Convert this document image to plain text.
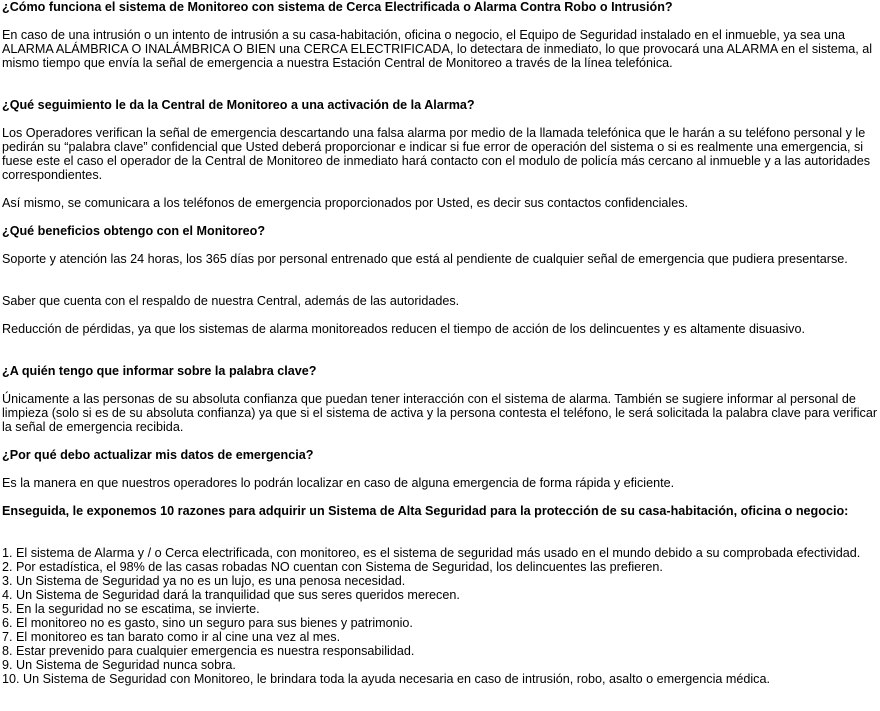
¿Cómo funciona el sistema de Monitoreo con sistema de Cerca Electrificada o Alarma Contra Robo o Intrusión?

En caso de una intrusión o un intento de intrusión a su casa-habitación, oficina o negocio, el Equipo de Seguridad instalado en el inmueble, ya sea una ALARMA ALÁMBRICA O INALÁMBRICA O BIEN una CERCA ELECTRIFICADA, lo detectara de inmediato, lo que provocará una ALARMA en el sistema, al mismo tiempo que envía la señal de emergencia a nuestra Estación Central de Monitoreo a través de la línea telefónica.

¿Qué seguimiento le da la Central de Monitoreo a una activación de la Alarma?

Los Operadores verifican la señal de emergencia descartando una falsa alarma por medio de la llamada telefónica que le harán a su teléfono personal y le pedirán su “palabra clave” confidencial que Usted deberá proporcionar e indicar si fue error de operación del sistema o si es realmente una emergencia, si fuese este el caso el operador de la Central de Monitoreo de inmediato hará contacto con el modulo de policía más cercano al inmueble y a las autoridades correspondientes.

Así mismo, se comunicara a los teléfonos de emergencia proporcionados por Usted, es decir sus contactos confidenciales.

¿Qué beneficios obtengo con el Monitoreo?

Soporte y atención las 24 horas, los 365 días por personal entrenado que está al pendiente de cualquier señal de emergencia que pudiera presentarse.

Saber que cuenta con el respaldo de nuestra Central, además de las autoridades.

Reducción de pérdidas, ya que los sistemas de alarma monitoreados reducen el tiempo de acción de los delincuentes y es altamente disuasivo.

¿A quién tengo que informar sobre la palabra clave?

Únicamente a las personas de su absoluta confianza que puedan tener interacción con el sistema de alarma. También se sugiere informar al personal de limpieza (solo si es de su absoluta confianza) ya que si el sistema de activa y la persona contesta el teléfono, le será solicitada la palabra clave para verificar la señal de emergencia recibida.

¿Por qué debo actualizar mis datos de emergencia?

Es la manera en que nuestros operadores lo podrán localizar en caso de alguna emergencia de forma rápida y eficiente.

Enseguida, le exponemos 10 razones para adquirir un Sistema de Alta Seguridad para la protección de su casa-habitación, oficina o negocio:
1. El sistema de Alarma y / o Cerca electrificada, con monitoreo, es el sistema de seguridad más usado en el mundo debido a su comprobada efectividad.
2. Por estadística, el 98% de las casas robadas NO cuentan con Sistema de Seguridad, los delincuentes las prefieren.
3. Un Sistema de Seguridad ya no es un lujo, es una penosa necesidad.
4. Un Sistema de Seguridad dará la tranquilidad que sus seres queridos merecen.
5. En la seguridad no se escatima, se invierte.
6. El monitoreo no es gasto, sino un seguro para sus bienes y patrimonio.
7. El monitoreo es tan barato como ir al cine una vez al mes.
8. Estar prevenido para cualquier emergencia es nuestra responsabilidad.
9. Un Sistema de Seguridad nunca sobra.
10. Un Sistema de Seguridad con Monitoreo, le brindara toda la ayuda necesaria en caso de intrusión, robo, asalto o emergencia médica.
